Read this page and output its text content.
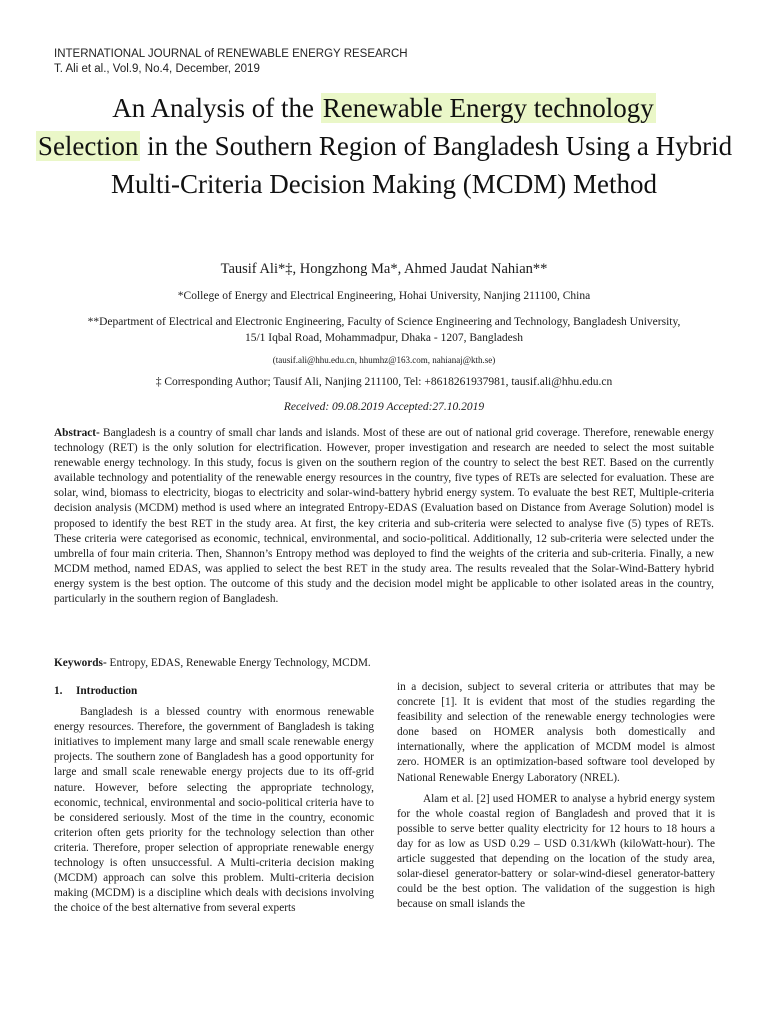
INTERNATIONAL JOURNAL of RENEWABLE ENERGY RESEARCH
T. Ali et al., Vol.9, No.4, December, 2019
An Analysis of the Renewable Energy technology
Selection in the Southern Region of Bangladesh Using a Hybrid Multi-Criteria Decision Making (MCDM) Method
Tausif Ali*‡, Hongzhong Ma*, Ahmed Jaudat Nahian**
*College of Energy and Electrical Engineering, Hohai University, Nanjing 211100, China
**Department of Electrical and Electronic Engineering, Faculty of Science Engineering and Technology, Bangladesh University,
15/1 Iqbal Road, Mohammadpur, Dhaka - 1207, Bangladesh
(tausif.ali@hhu.edu.cn, hhumhz@163.com, nahianaj@kth.se)
‡ Corresponding Author; Tausif Ali, Nanjing 211100, Tel: +8618261937981, tausif.ali@hhu.edu.cn
Received: 09.08.2019 Accepted:27.10.2019

Abstract- Bangladesh is a country of small char lands and islands. Most of these are out of national grid coverage. Therefore, renewable energy technology (RET) is the only solution for electrification. However, proper investigation and research are needed to select the most suitable renewable energy technology. In this study, focus is given on the southern region of the country to select the best RET. Based on the currently available technology and potentiality of the renewable energy resources in the country, five types of RETs are selected for evaluation. These are solar, wind, biomass to electricity, biogas to electricity and solar-wind-battery hybrid energy system. To evaluate the best RET, Multiple-criteria decision analysis (MCDM) method is used where an integrated Entropy-EDAS (Evaluation based on Distance from Average Solution) model is proposed to identify the best RET in the study area. At first, the key criteria and sub-criteria were selected to analyse five (5) types of RETs. These criteria were categorised as economic, technical, environmental, and socio-political. Additionally, 12 sub-criteria were selected under the umbrella of four main criteria. Then, Shannon’s Entropy method was deployed to find the weights of the criteria and sub-criteria. Finally, a new MCDM method, named EDAS, was applied to select the best RET in the study area. The results revealed that the Solar-Wind-Battery hybrid energy system is the best option. The outcome of this study and the decision model might be applicable to other isolated areas in the country, particularly in the southern region of Bangladesh.

Keywords- Entropy, EDAS, Renewable Energy Technology, MCDM.

1. Introduction

Bangladesh is a blessed country with enormous renewable energy resources. Therefore, the government of Bangladesh is taking initiatives to implement many large and small scale renewable energy projects. The southern zone of Bangladesh has a good opportunity for large and small scale renewable energy projects due to its off-grid nature. However, before selecting the appropriate technology, economic, technical, environmental and socio-political criteria have to be considered seriously. Most of the time in the country, economic criterion often gets priority for the technology selection than other criteria. Therefore, proper selection of appropriate renewable energy technology is often unsuccessful. A Multi-criteria decision making (MCDM) approach can solve this problem. Multi-criteria decision making (MCDM) is a discipline which deals with decisions involving the choice of the best alternative from several experts

in a decision, subject to several criteria or attributes that may be concrete [1]. It is evident that most of the studies regarding the feasibility and selection of the renewable energy technologies were done based on HOMER analysis both domestically and internationally, where the application of MCDM model is almost zero. HOMER is an optimization-based software tool developed by National Renewable Energy Laboratory (NREL).

Alam et al. [2] used HOMER to analyse a hybrid energy system for the whole coastal region of Bangladesh and proved that it is possible to serve better quality electricity for 12 hours to 18 hours a day for as low as USD 0.29 – USD 0.31/kWh (kiloWatt-hour). The article suggested that depending on the location of the study area, solar-diesel generator-battery or solar-wind-diesel generator-battery could be the best option. The validation of the suggestion is high because on small islands the
